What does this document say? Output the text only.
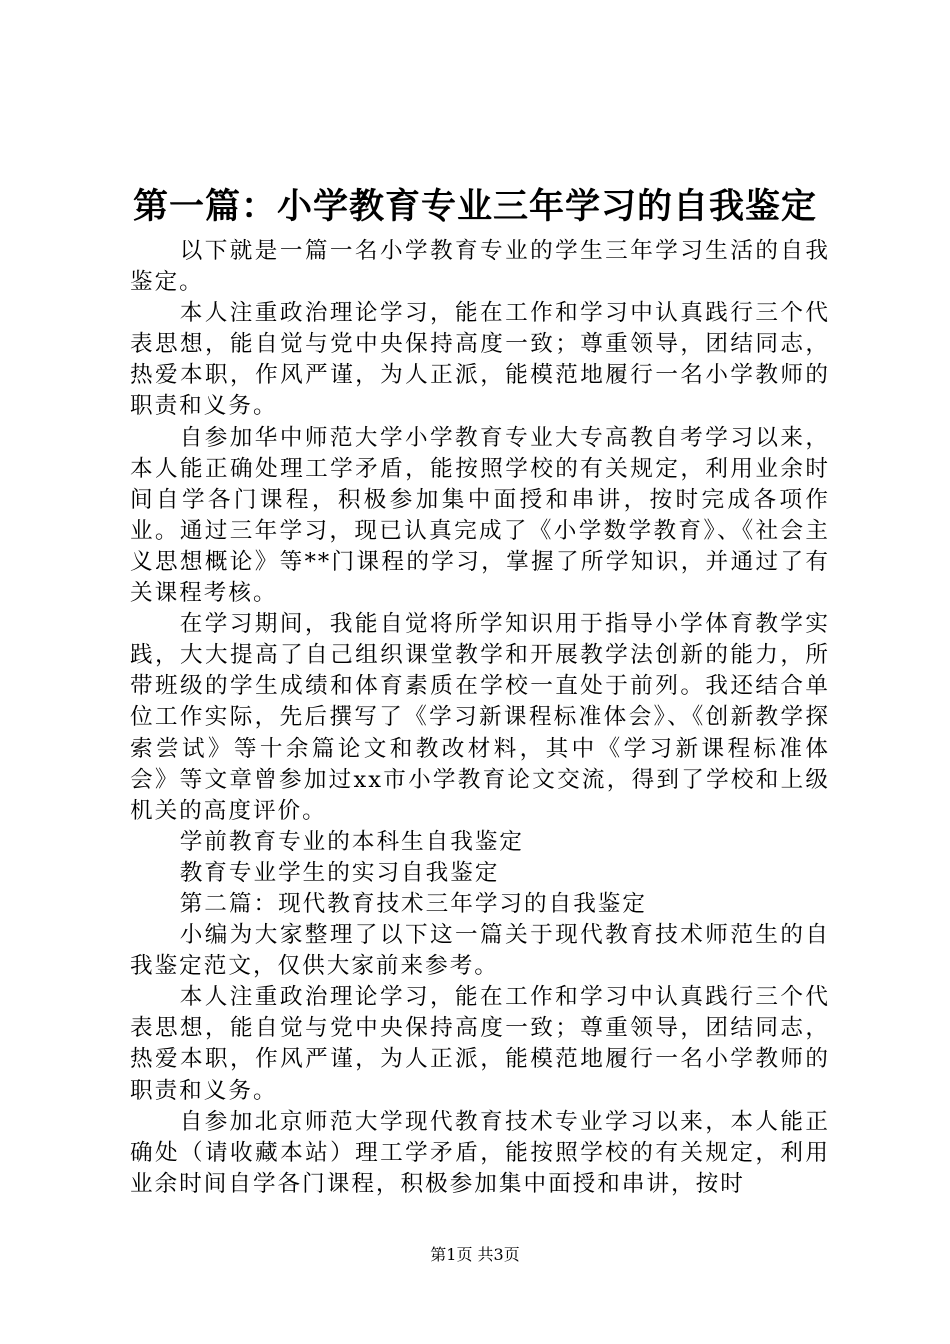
第一篇：小学教育专业三年学习的自我鉴定

以下就是一篇一名小学教育专业的学生三年学习生活的自我鉴定。

本人注重政治理论学习，能在工作和学习中认真践行三个代表思想，能自觉与党中央保持高度一致；尊重领导，团结同志，热爱本职，作风严谨，为人正派，能模范地履行一名小学教师的职责和义务。

自参加华中师范大学小学教育专业大专高教自考学习以来，本人能正确处理工学矛盾，能按照学校的有关规定，利用业余时间自学各门课程，积极参加集中面授和串讲，按时完成各项作业。通过三年学习，现已认真完成了《小学数学教育》、《社会主义思想概论》等**门课程的学习，掌握了所学知识，并通过了有关课程考核。

在学习期间，我能自觉将所学知识用于指导小学体育教学实践，大大提高了自己组织课堂教学和开展教学法创新的能力，所带班级的学生成绩和体育素质在学校一直处于前列。我还结合单位工作实际，先后撰写了《学习新课程标准体会》、《创新教学探索尝试》等十余篇论文和教改材料，其中《学习新课程标准体会》等文章曾参加过xx市小学教育论文交流，得到了学校和上级机关的高度评价。

学前教育专业的本科生自我鉴定

教育专业学生的实习自我鉴定

第二篇：现代教育技术三年学习的自我鉴定

小编为大家整理了以下这一篇关于现代教育技术师范生的自我鉴定范文，仅供大家前来参考。

本人注重政治理论学习，能在工作和学习中认真践行三个代表思想，能自觉与党中央保持高度一致；尊重领导，团结同志，热爱本职，作风严谨，为人正派，能模范地履行一名小学教师的职责和义务。

自参加北京师范大学现代教育技术专业学习以来，本人能正确处（请收藏本站）理工学矛盾，能按照学校的有关规定，利用业余时间自学各门课程，积极参加集中面授和串讲，按时

第1页 共3页
